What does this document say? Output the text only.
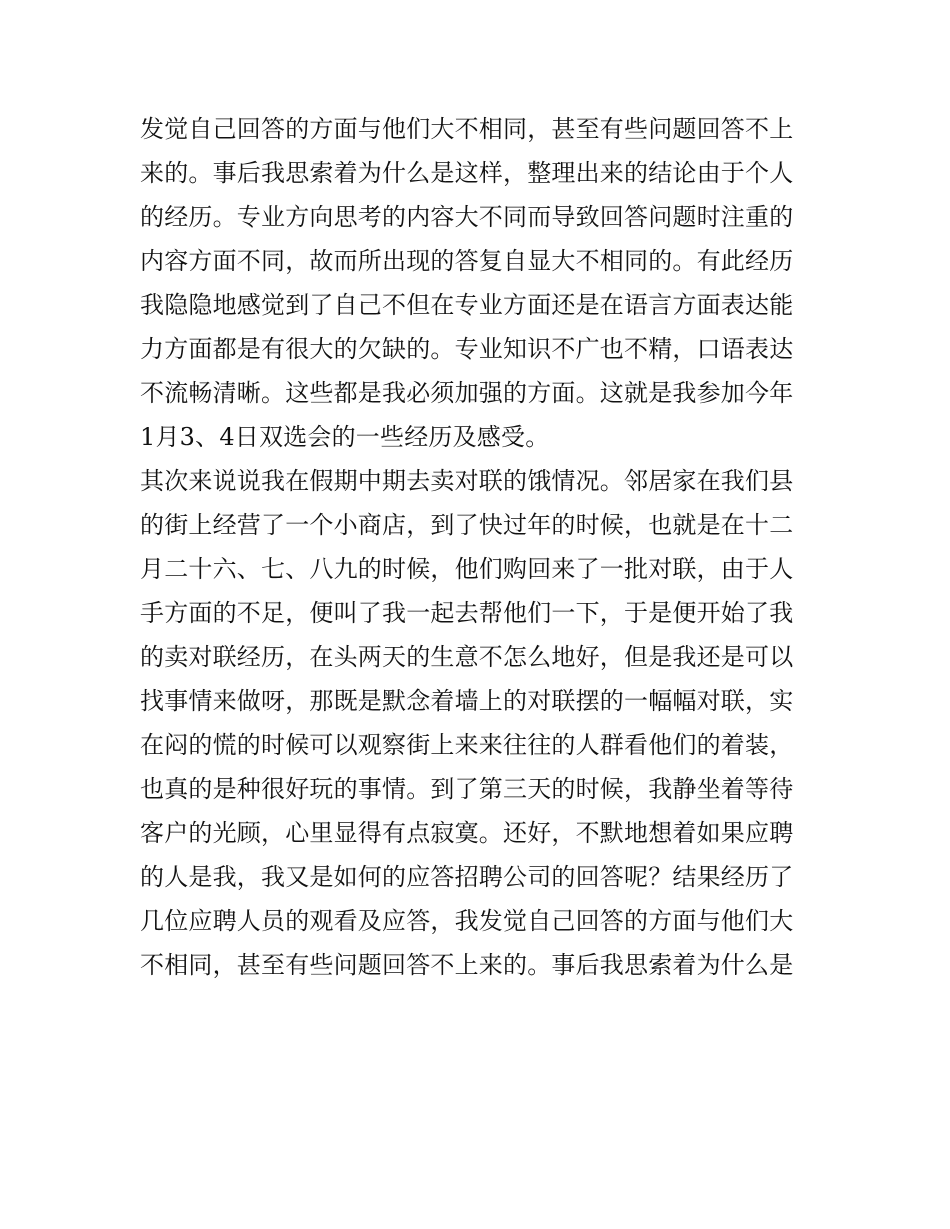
发觉自己回答的方面与他们大不相同，甚至有些问题回答不上
来的。事后我思索着为什么是这样，整理出来的结论由于个人
的经历。专业方向思考的内容大不同而导致回答问题时注重的
内容方面不同，故而所出现的答复自显大不相同的。有此经历
我隐隐地感觉到了自己不但在专业方面还是在语言方面表达能
力方面都是有很大的欠缺的。专业知识不广也不精，口语表达
不流畅清晰。这些都是我必须加强的方面。这就是我参加今年
1月3、4日双选会的一些经历及感受。
其次来说说我在假期中期去卖对联的饿情况。邻居家在我们县
的街上经营了一个小商店，到了快过年的时候，也就是在十二
月二十六、七、八九的时候，他们购回来了一批对联，由于人
手方面的不足，便叫了我一起去帮他们一下，于是便开始了我
的卖对联经历，在头两天的生意不怎么地好，但是我还是可以
找事情来做呀，那既是默念着墙上的对联摆的一幅幅对联，实
在闷的慌的时候可以观察街上来来往往的人群看他们的着装，
也真的是种很好玩的事情。到了第三天的时候，我静坐着等待
客户的光顾，心里显得有点寂寞。还好，不默地想着如果应聘
的人是我，我又是如何的应答招聘公司的回答呢？结果经历了
几位应聘人员的观看及应答，我发觉自己回答的方面与他们大
不相同，甚至有些问题回答不上来的。事后我思索着为什么是
